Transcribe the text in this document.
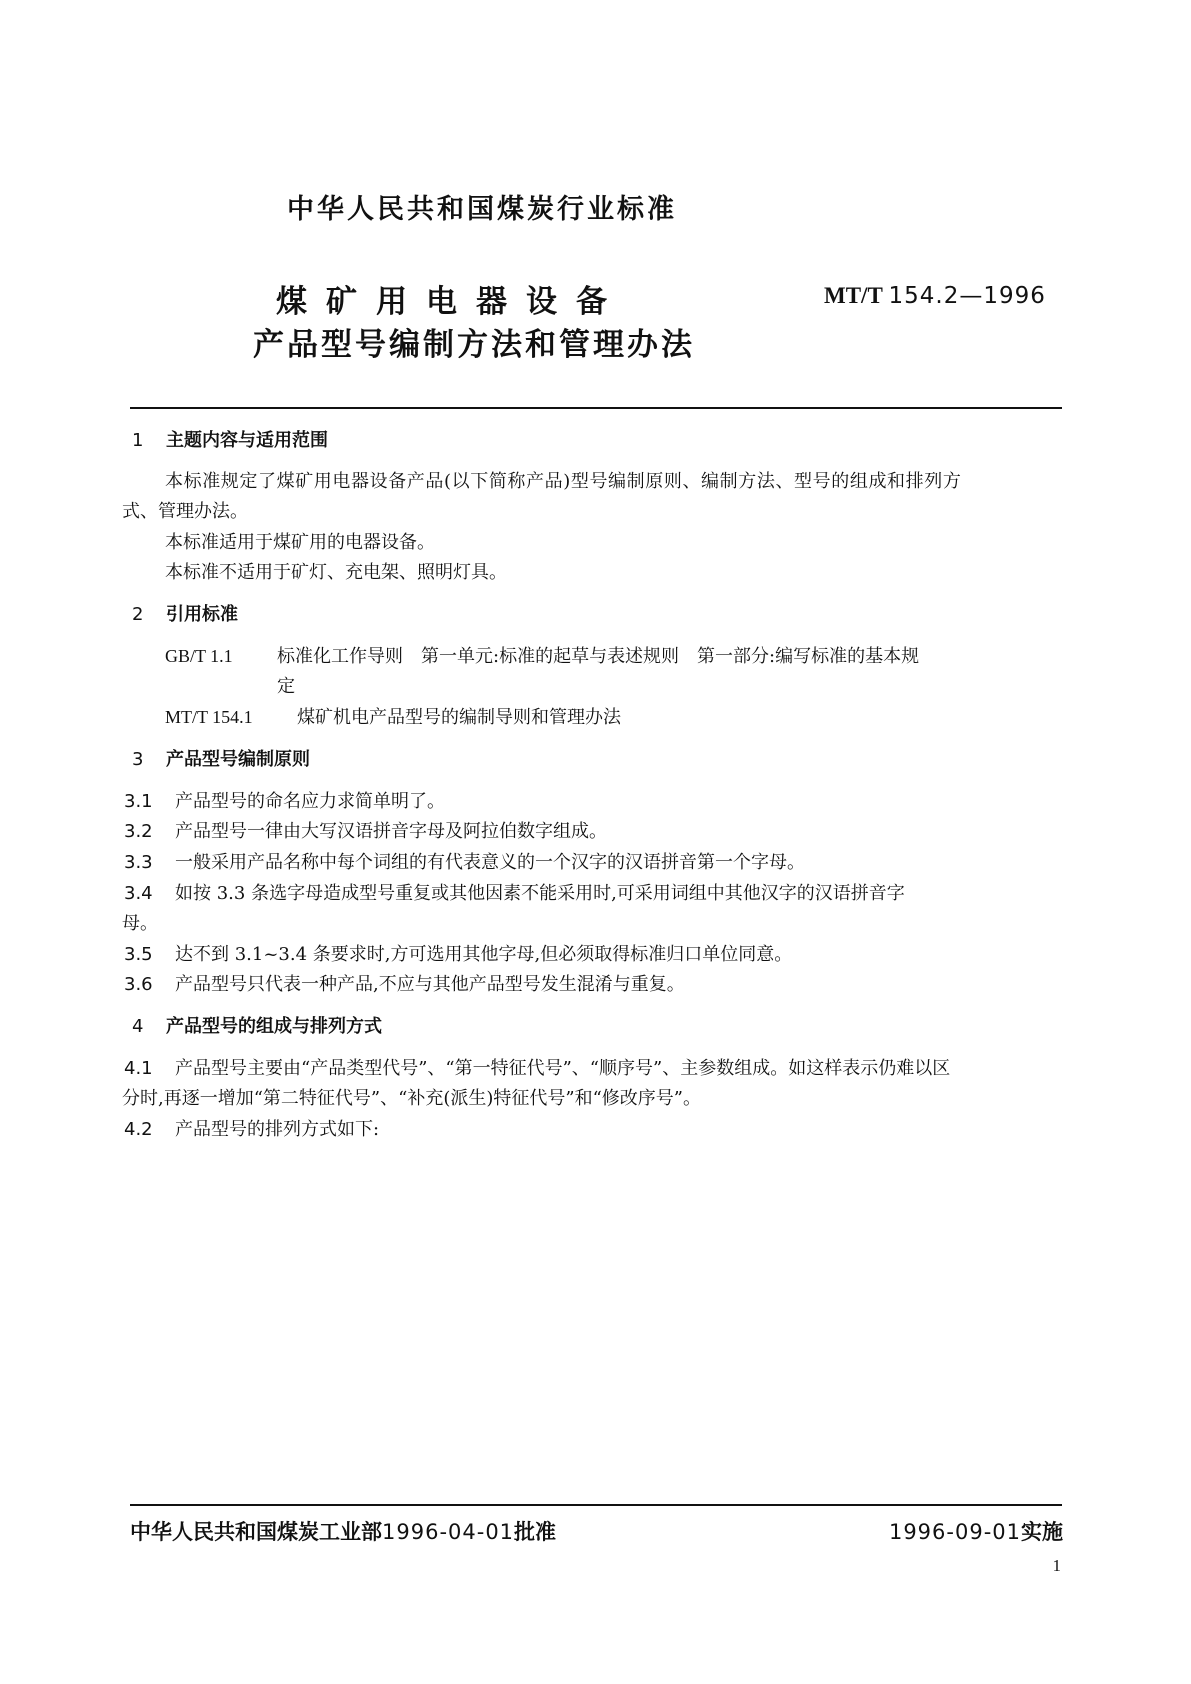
中华人民共和国煤炭行业标准
煤矿用电器设备
产品型号编制方法和管理办法
MT/T 154.2—1996
1 主题内容与适用范围
本标准规定了煤矿用电器设备产品(以下简称产品)型号编制原则、编制方法、型号的组成和排列方
式、管理办法。
本标准适用于煤矿用的电器设备。
本标准不适用于矿灯、充电架、照明灯具。
2 引用标准
GB/T 1.1 标准化工作导则　第一单元:标准的起草与表述规则　第一部分:编写标准的基本规
定
MT/T 154.1 煤矿机电产品型号的编制导则和管理办法
3 产品型号编制原则
3.1 产品型号的命名应力求简单明了。
3.2 产品型号一律由大写汉语拼音字母及阿拉伯数字组成。
3.3 一般采用产品名称中每个词组的有代表意义的一个汉字的汉语拼音第一个字母。
3.4 如按 3.3 条选字母造成型号重复或其他因素不能采用时,可采用词组中其他汉字的汉语拼音字
母。
3.5 达不到 3.1~3.4 条要求时,方可选用其他字母,但必须取得标准归口单位同意。
3.6 产品型号只代表一种产品,不应与其他产品型号发生混淆与重复。
4 产品型号的组成与排列方式
4.1 产品型号主要由“产品类型代号”、“第一特征代号”、“顺序号”、主参数组成。如这样表示仍难以区
分时,再逐一增加“第二特征代号”、“补充(派生)特征代号”和“修改序号”。
4.2 产品型号的排列方式如下:
中华人民共和国煤炭工业部1996-04-01批准	1996-09-01实施
1
